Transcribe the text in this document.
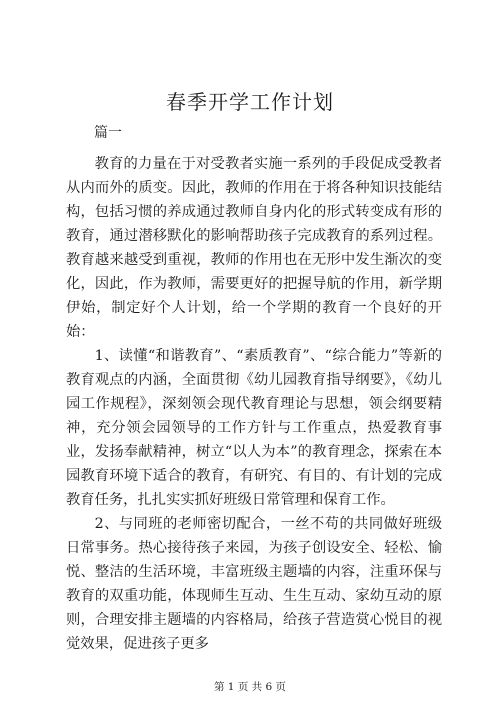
春季开学工作计划

篇一

教育的力量在于对受教者实施一系列的手段促成受教者从内而外的质变。因此，教师的作用在于将各种知识技能结构，包括习惯的养成通过教师自身内化的形式转变成有形的教育，通过潜移默化的影响帮助孩子完成教育的系列过程。教育越来越受到重视，教师的作用也在无形中发生渐次的变化，因此，作为教师，需要更好的把握导航的作用，新学期伊始，制定好个人计划，给一个学期的教育一个良好的开始：

1、读懂“和谐教育”、“素质教育”、“综合能力”等新的教育观点的内涵，全面贯彻《幼儿园教育指导纲要》，《幼儿园工作规程》，深刻领会现代教育理论与思想，领会纲要精神，充分领会园领导的工作方针与工作重点，热爱教育事业，发扬奉献精神，树立“以人为本”的教育理念，探索在本园教育环境下适合的教育，有研究、有目的、有计划的完成教育任务，扎扎实实抓好班级日常管理和保育工作。

2、与同班的老师密切配合，一丝不苟的共同做好班级日常事务。热心接待孩子来园，为孩子创设安全、轻松、愉悦、整洁的生活环境，丰富班级主题墙的内容，注重环保与教育的双重功能，体现师生互动、生生互动、家幼互动的原则，合理安排主题墙的内容格局，给孩子营造赏心悦目的视觉效果，促进孩子更多

第 1 页 共 6 页
